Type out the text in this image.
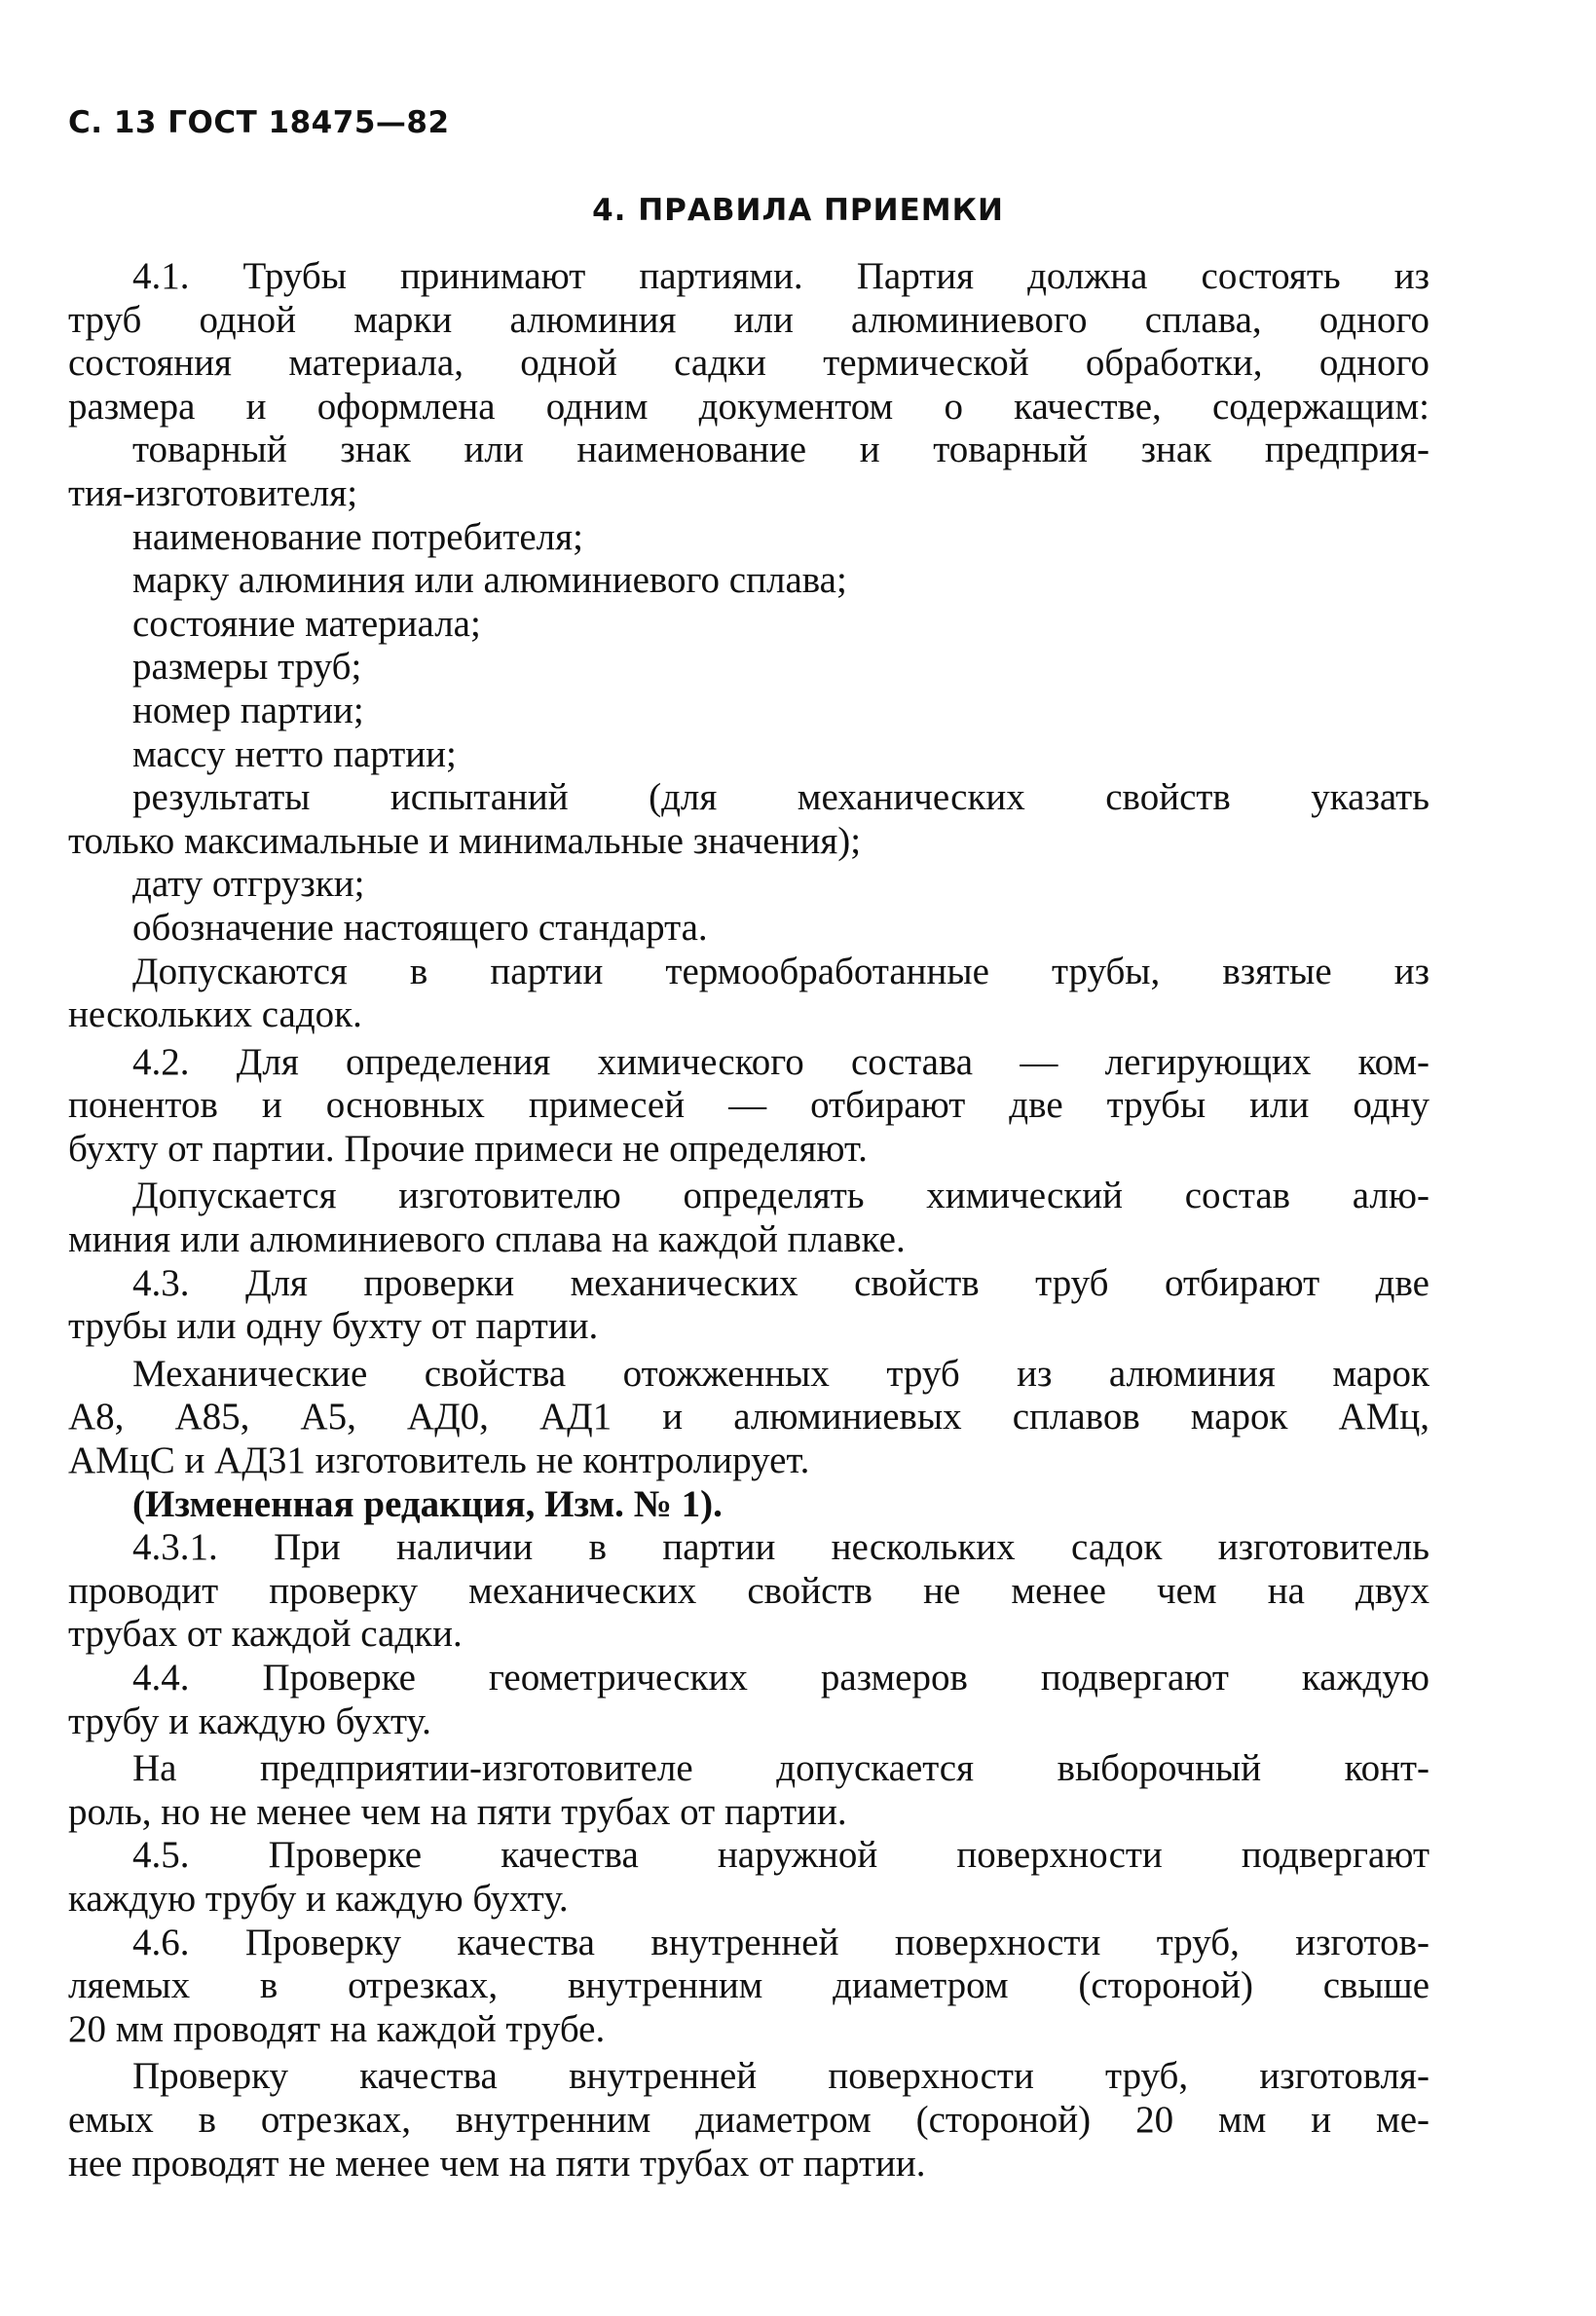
С. 13 ГОСТ 18475—82
4. ПРАВИЛА ПРИЕМКИ
4.1. Трубы принимают партиями. Партия должна состоять из
труб одной марки алюминия или алюминиевого сплава, одного
состояния материала, одной садки термической обработки, одного
размера и оформлена одним документом о качестве, содержащим:
товарный знак или наименование и товарный знак предприя-
тия-изготовителя;
наименование потребителя;
марку алюминия или алюминиевого сплава;
состояние материала;
размеры труб;
номер партии;
массу нетто партии;
результаты испытаний (для механических свойств указать
только максимальные и минимальные значения);
дату отгрузки;
обозначение настоящего стандарта.
Допускаются в партии термообработанные трубы, взятые из
нескольких садок.
4.2. Для определения химического состава — легирующих ком-
понентов и основных примесей — отбирают две трубы или одну
бухту от партии. Прочие примеси не определяют.
Допускается изготовителю определять химический состав алю-
миния или алюминиевого сплава на каждой плавке.
4.3. Для проверки механических свойств труб отбирают две
трубы или одну бухту от партии.
Механические свойства отожженных труб из алюминия марок
А8, А85, А5, АД0, АД1 и алюминиевых сплавов марок АМц,
АМцС и АД31 изготовитель не контролирует.
(Измененная редакция, Изм. № 1).
4.3.1. При наличии в партии нескольких садок изготовитель
проводит проверку механических свойств не менее чем на двух
трубах от каждой садки.
4.4. Проверке геометрических размеров подвергают каждую
трубу и каждую бухту.
На предприятии-изготовителе допускается выборочный конт-
роль, но не менее чем на пяти трубах от партии.
4.5. Проверке качества наружной поверхности подвергают
каждую трубу и каждую бухту.
4.6. Проверку качества внутренней поверхности труб, изготов-
ляемых в отрезках, внутренним диаметром (стороной) свыше
20 мм проводят на каждой трубе.
Проверку качества внутренней поверхности труб, изготовля-
емых в отрезках, внутренним диаметром (стороной) 20 мм и ме-
нее проводят не менее чем на пяти трубах от партии.
